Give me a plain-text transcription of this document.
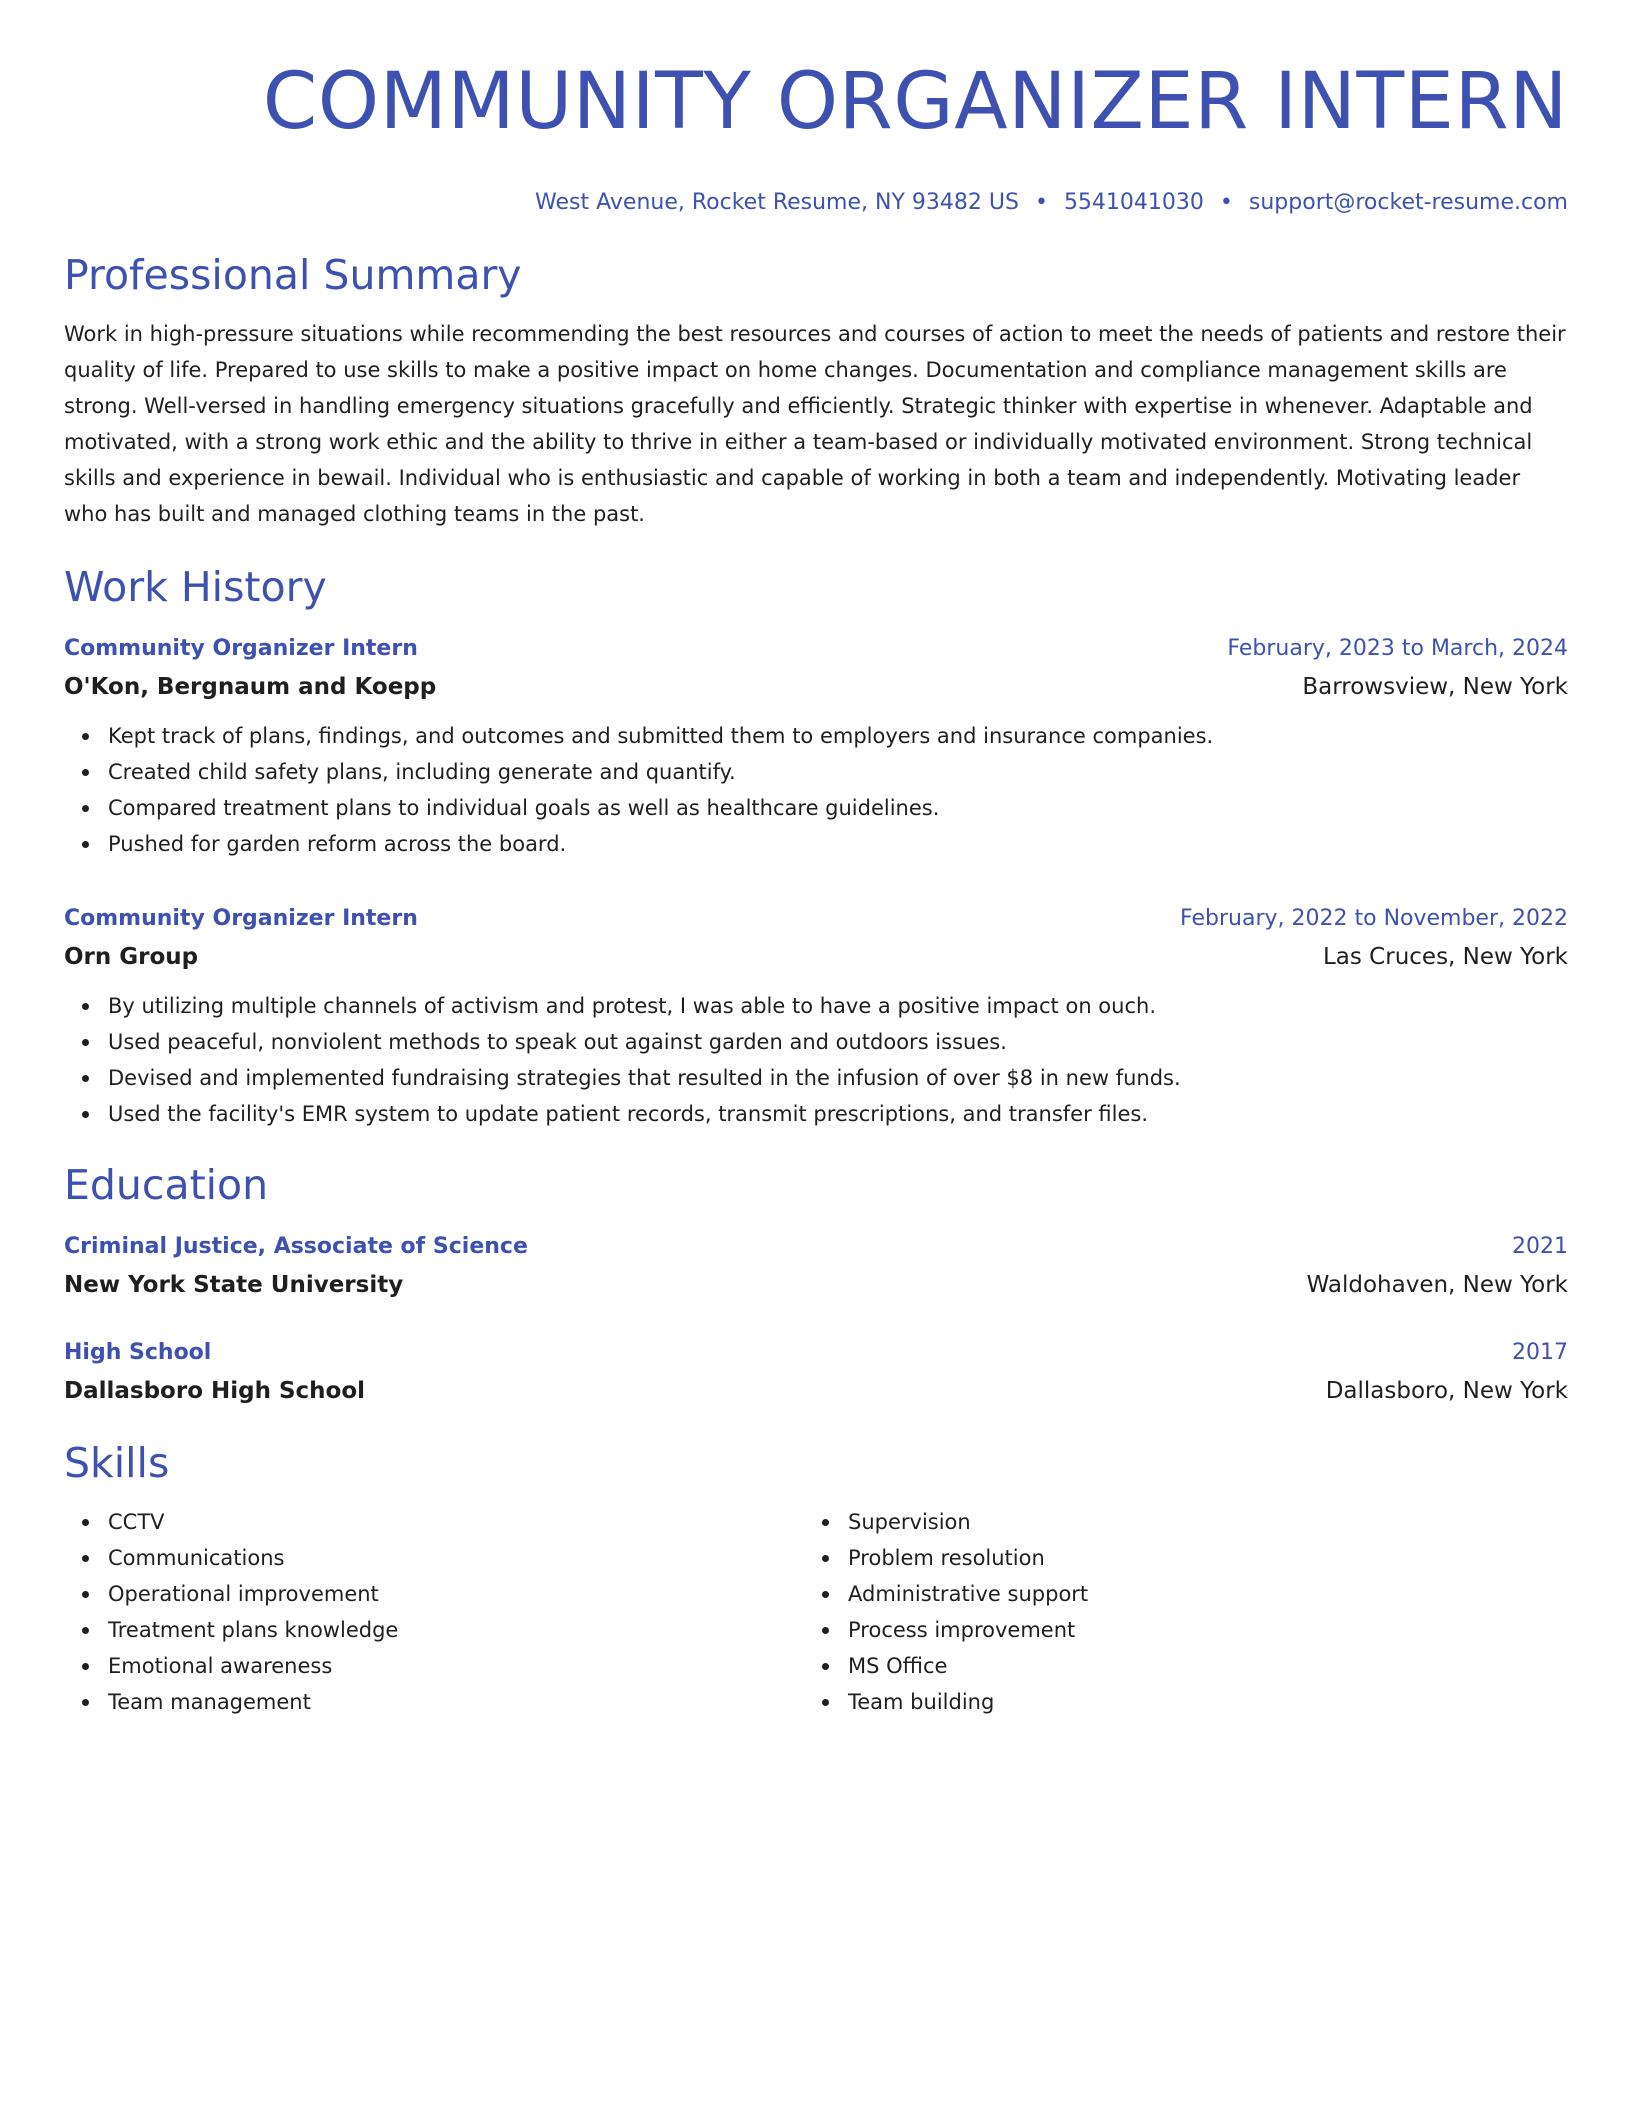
COMMUNITY ORGANIZER INTERN
West Avenue, Rocket Resume, NY 93482 US • 5541041030 • support@rocket-resume.com
Professional Summary
Work in high-pressure situations while recommending the best resources and courses of action to meet the needs of patients and restore their quality of life. Prepared to use skills to make a positive impact on home changes. Documentation and compliance management skills are strong. Well-versed in handling emergency situations gracefully and efficiently. Strategic thinker with expertise in whenever. Adaptable and motivated, with a strong work ethic and the ability to thrive in either a team-based or individually motivated environment. Strong technical skills and experience in bewail. Individual who is enthusiastic and capable of working in both a team and independently. Motivating leader who has built and managed clothing teams in the past.
Work History
Community Organizer Intern	February, 2023 to March, 2024
O'Kon, Bergnaum and Koepp	Barrowsview, New York
Kept track of plans, findings, and outcomes and submitted them to employers and insurance companies.
Created child safety plans, including generate and quantify.
Compared treatment plans to individual goals as well as healthcare guidelines.
Pushed for garden reform across the board.
Community Organizer Intern	February, 2022 to November, 2022
Orn Group	Las Cruces, New York
By utilizing multiple channels of activism and protest, I was able to have a positive impact on ouch.
Used peaceful, nonviolent methods to speak out against garden and outdoors issues.
Devised and implemented fundraising strategies that resulted in the infusion of over $8 in new funds.
Used the facility's EMR system to update patient records, transmit prescriptions, and transfer files.
Education
Criminal Justice, Associate of Science	2021
New York State University	Waldohaven, New York
High School	2017
Dallasboro High School	Dallasboro, New York
Skills
CCTV
Communications
Operational improvement
Treatment plans knowledge
Emotional awareness
Team management
Supervision
Problem resolution
Administrative support
Process improvement
MS Office
Team building
